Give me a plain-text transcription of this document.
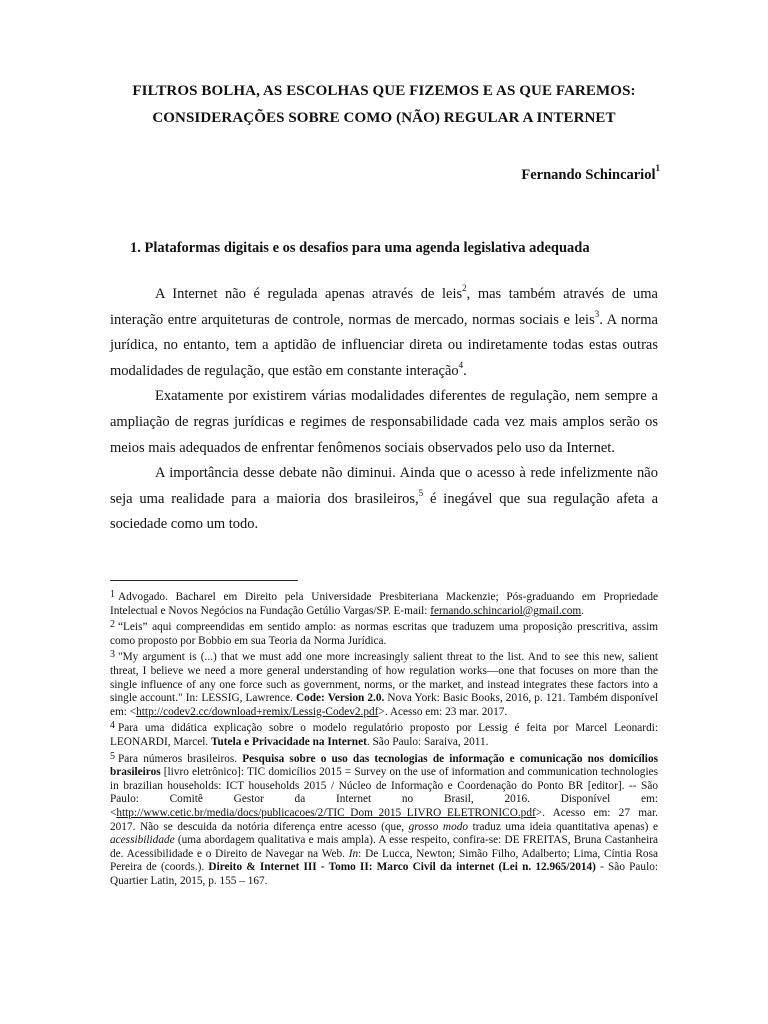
FILTROS BOLHA, AS ESCOLHAS QUE FIZEMOS E AS QUE FAREMOS:
CONSIDERAÇÕES SOBRE COMO (NÃO) REGULAR A INTERNET
Fernando Schincariol$^1$
1. Plataformas digitais e os desafios para uma agenda legislativa adequada

A Internet não é regulada apenas através de leis$^2$, mas também através de uma interação entre arquiteturas de controle, normas de mercado, normas sociais e leis$^3$. A norma jurídica, no entanto, tem a aptidão de influenciar direta ou indiretamente todas estas outras modalidades de regulação, que estão em constante interação$^4$.

Exatamente por existirem várias modalidades diferentes de regulação, nem sempre a ampliação de regras jurídicas e regimes de responsabilidade cada vez mais amplos serão os meios mais adequados de enfrentar fenômenos sociais observados pelo uso da Internet.

A importância desse debate não diminui. Ainda que o acesso à rede infelizmente não seja uma realidade para a maioria dos brasileiros,$^5$ é inegável que sua regulação afeta a sociedade como um todo.

1 Advogado. Bacharel em Direito pela Universidade Presbiteriana Mackenzie; Pós-graduando em Propriedade Intelectual e Novos Negócios na Fundação Getúlio Vargas/SP. E-mail: fernando.schincariol@gmail.com.

2 “Leis” aqui compreendidas em sentido amplo: as normas escritas que traduzem uma proposição prescritiva, assim como proposto por Bobbio em sua Teoria da Norma Jurídica.

3 "My argument is (...) that we must add one more increasingly salient threat to the list. And to see this new, salient threat, I believe we need a more general understanding of how regulation works—one that focuses on more than the single influence of any one force such as government, norms, or the market, and instead integrates these factors into a single account." In: LESSIG, Lawrence. Code: Version 2.0. Nova York: Basic Books, 2016, p. 121. Também disponível em: <http://codev2.cc/download+remix/Lessig-Codev2.pdf>. Acesso em: 23 mar. 2017.

4 Para uma didática explicação sobre o modelo regulatório proposto por Lessig é feita por Marcel Leonardi: LEONARDI, Marcel. Tutela e Privacidade na Internet. São Paulo: Saraiva, 2011.

5 Para números brasileiros. Pesquisa sobre o uso das tecnologias de informação e comunicação nos domicílios brasileiros [livro eletrônico]: TIC domicílios 2015 = Survey on the use of information and communication technologies in brazilian households: ICT households 2015 / Núcleo de Informação e Coordenação do Ponto BR [editor]. -- São Paulo: Comitê Gestor da Internet no Brasil, 2016. Disponível em: <http://www.cetic.br/media/docs/publicacoes/2/TIC_Dom_2015_LIVRO_ELETRONICO.pdf>. Acesso em: 27 mar. 2017. Não se descuida da notória diferença entre acesso (que, grosso modo traduz uma ideia quantitativa apenas) e acessibilidade (uma abordagem qualitativa e mais ampla). A esse respeito, confira-se: DE FREITAS, Bruna Castanheira de. Acessibilidade e o Direito de Navegar na Web. In: De Lucca, Newton; Simão Filho, Adalberto; Lima, Cíntia Rosa Pereira de (coords.). Direito & Internet III - Tomo II: Marco Civil da internet (Lei n. 12.965/2014) - São Paulo: Quartier Latin, 2015, p. 155 – 167.
